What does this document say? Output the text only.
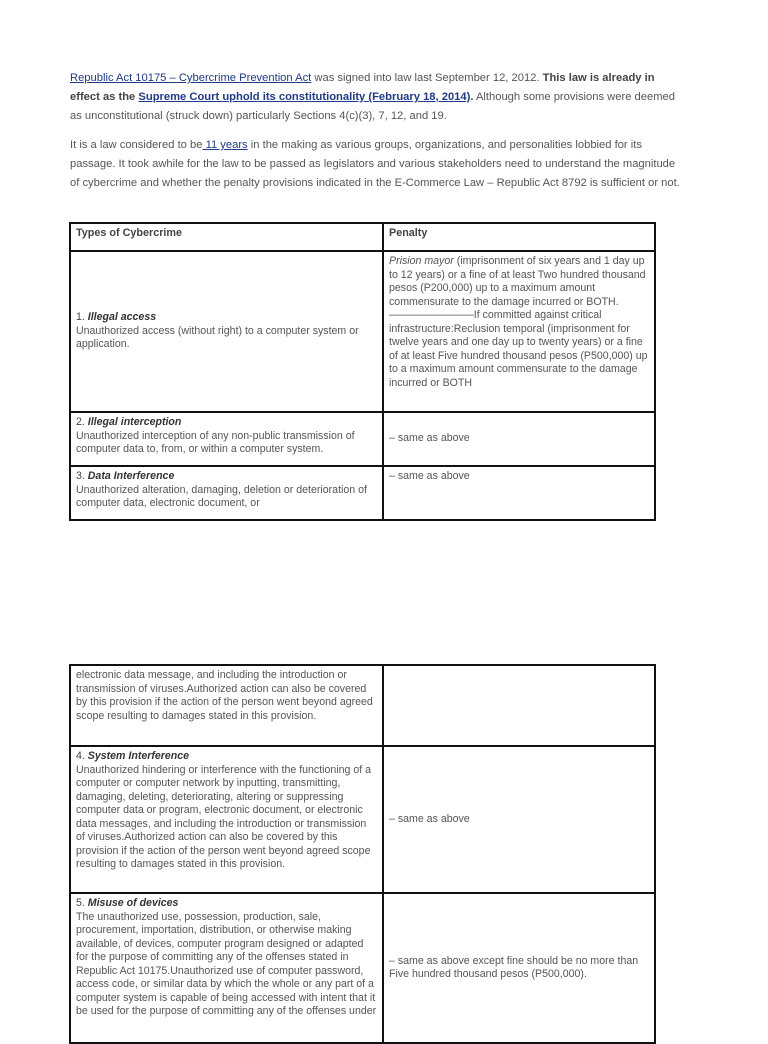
Republic Act 10175 – Cybercrime Prevention Act was signed into law last September 12, 2012. This law is already in effect as the Supreme Court uphold its constitutionality (February 18, 2014). Although some provisions were deemed as unconstitutional (struck down) particularly Sections 4(c)(3), 7, 12, and 19.

It is a law considered to be 11 years in the making as various groups, organizations, and personalities lobbied for its passage. It took awhile for the law to be passed as legislators and various stakeholders need to understand the magnitude of cybercrime and whether the penalty provisions indicated in the E-Commerce Law – Republic Act 8792 is sufficient or not.

Types of Cybercrime	Penalty
1. Illegal access
Unauthorized access (without right) to a computer system or application.	Prision mayor (imprisonment of six years and 1 day up to 12 years) or a fine of at least Two hundred thousand pesos (P200,000) up to a maximum amount commensurate to the damage incurred or BOTH.————————If committed against critical infrastructure:Reclusion temporal (imprisonment for twelve years and one day up to twenty years) or a fine of at least Five hundred thousand pesos (P500,000) up to a maximum amount commensurate to the damage incurred or BOTH
2. Illegal interception
Unauthorized interception of any non-public transmission of computer data to, from, or within a computer system.	– same as above
3. Data Interference
Unauthorized alteration, damaging, deletion or deterioration of computer data, electronic document, or	– same as above
electronic data message, and including the introduction or transmission of viruses.Authorized action can also be covered by this provision if the action of the person went beyond agreed scope resulting to damages stated in this provision.	
4. System Interference
Unauthorized hindering or interference with the functioning of a computer or computer network by inputting, transmitting, damaging, deleting, deteriorating, altering or suppressing computer data or program, electronic document, or electronic data messages, and including the introduction or transmission of viruses.Authorized action can also be covered by this provision if the action of the person went beyond agreed scope resulting to damages stated in this provision.	– same as above
5. Misuse of devices
The unauthorized use, possession, production, sale, procurement, importation, distribution, or otherwise making available, of devices, computer program designed or adapted for the purpose of committing any of the offenses stated in Republic Act 10175.Unauthorized use of computer password, access code, or similar data by which the whole or any part of a computer system is capable of being accessed with intent that it be used for the purpose of committing any of the offenses under	– same as above except fine should be no more than Five hundred thousand pesos (P500,000).
